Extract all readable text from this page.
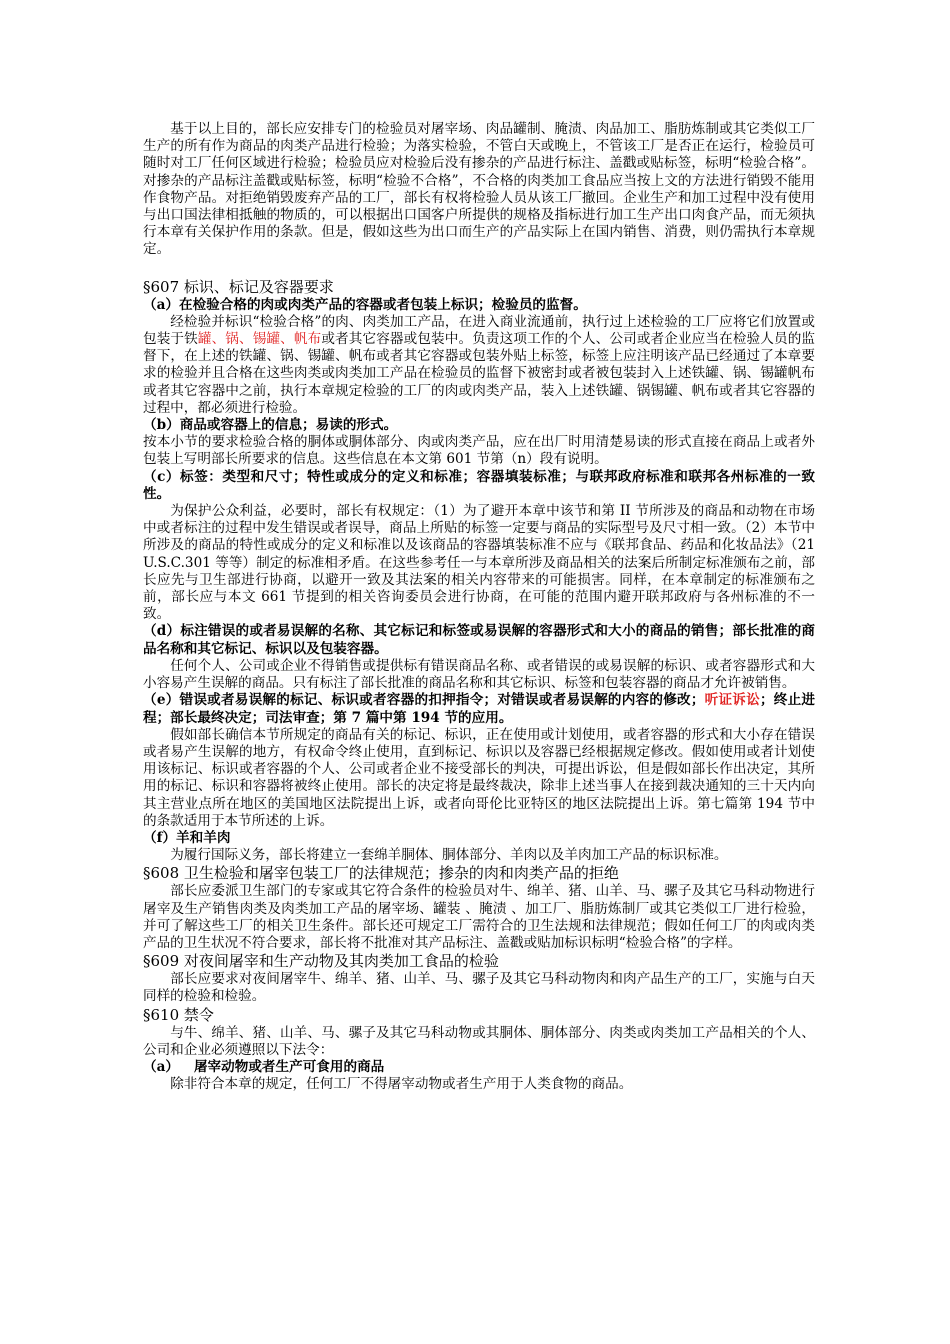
基于以上目的，部长应安排专门的检验员对屠宰场、肉品罐制、腌渍、肉品加工、脂肪炼制或其它类似工厂生产的所有作为商品的肉类产品进行检验；为落实检验，不管白天或晚上，不管该工厂是否正在运行，检验员可随时对工厂任何区域进行检验；检验员应对检验后没有掺杂的产品进行标注、盖戳或贴标签，标明“检验合格”。对掺杂的产品标注盖戳或贴标签，标明“检验不合格”，不合格的肉类加工食品应当按上文的方法进行销毁不能用作食物产品。对拒绝销毁废弃产品的工厂，部长有权将检验人员从该工厂撤回。企业生产和加工过程中没有使用与出口国法律相抵触的物质的，可以根据出口国客户所提供的规格及指标进行加工生产出口肉食产品，而无须执行本章有关保护作用的条款。但是，假如这些为出口而生产的产品实际上在国内销售、消费，则仍需执行本章规定。

§607 标识、标记及容器要求

（a）在检验合格的肉或肉类产品的容器或者包装上标识；检验员的监督。

经检验并标识“检验合格”的肉、肉类加工产品，在进入商业流通前，执行过上述检验的工厂应将它们放置或包装于铁罐、锅、锡罐、帆布或者其它容器或包装中。负责这项工作的个人、公司或者企业应当在检验人员的监督下，在上述的铁罐、锅、锡罐、帆布或者其它容器或包装外贴上标签，标签上应注明该产品已经通过了本章要求的检验并且合格在这些肉类或肉类加工产品在检验员的监督下被密封或者被包装封入上述铁罐、锅、锡罐帆布或者其它容器中之前，执行本章规定检验的工厂的肉或肉类产品，装入上述铁罐、锅锡罐、帆布或者其它容器的过程中，都必须进行检验。

（b）商品或容器上的信息；易读的形式。

按本小节的要求检验合格的胴体或胴体部分、肉或肉类产品，应在出厂时用清楚易读的形式直接在商品上或者外包装上写明部长所要求的信息。这些信息在本文第 601 节第（n）段有说明。

（c）标签：类型和尺寸；特性或成分的定义和标准；容器填装标准；与联邦政府标准和联邦各州标准的一致性。

为保护公众利益，必要时，部长有权规定：（1）为了避开本章中该节和第 II 节所涉及的商品和动物在市场中或者标注的过程中发生错误或者误导，商品上所贴的标签一定要与商品的实际型号及尺寸相一致。（2）本节中所涉及的商品的特性或成分的定义和标准以及该商品的容器填装标准不应与《联邦食品、药品和化妆品法》（21 U.S.C.301 等等）制定的标准相矛盾。在这些参考任一与本章所涉及商品相关的法案后所制定标准颁布之前，部长应先与卫生部进行协商，以避开一致及其法案的相关内容带来的可能损害。同样，在本章制定的标准颁布之前，部长应与本文 661 节提到的相关咨询委员会进行协商，在可能的范围内避开联邦政府与各州标准的不一致。

（d）标注错误的或者易误解的名称、其它标记和标签或易误解的容器形式和大小的商品的销售；部长批准的商品名称和其它标记、标识以及包装容器。

任何个人、公司或企业不得销售或提供标有错误商品名称、或者错误的或易误解的标识、或者容器形式和大小容易产生误解的商品。只有标注了部长批准的商品名称和其它标识、标签和包装容器的商品才允许被销售。

（e）错误或者易误解的标记、标识或者容器的扣押指令；对错误或者易误解的内容的修改；听证诉讼；终止进程；部长最终决定；司法审查；第 7 篇中第 194 节的应用。

假如部长确信本节所规定的商品有关的标记、标识，正在使用或计划使用，或者容器的形式和大小存在错误或者易产生误解的地方，有权命令终止使用，直到标记、标识以及容器已经根据规定修改。假如使用或者计划使用该标记、标识或者容器的个人、公司或者企业不接受部长的判决，可提出诉讼，但是假如部长作出决定，其所用的标记、标识和容器将被终止使用。部长的决定将是最终裁决，除非上述当事人在接到裁决通知的三十天内向其主营业点所在地区的美国地区法院提出上诉，或者向哥伦比亚特区的地区法院提出上诉。第七篇第 194 节中的条款适用于本节所述的上诉。

（f）羊和羊肉

为履行国际义务，部长将建立一套绵羊胴体、胴体部分、羊肉以及羊肉加工产品的标识标准。

§608 卫生检验和屠宰包装工厂的法律规范；掺杂的肉和肉类产品的拒绝

部长应委派卫生部门的专家或其它符合条件的检验员对牛、绵羊、猪、山羊、马、骡子及其它马科动物进行屠宰及生产销售肉类及肉类加工产品的屠宰场、罐装 、腌渍 、加工厂、脂肪炼制厂或其它类似工厂进行检验，并可了解这些工厂的相关卫生条件。部长还可规定工厂需符合的卫生法规和法律规范；假如任何工厂的肉或肉类产品的卫生状况不符合要求，部长将不批准对其产品标注、盖戳或贴加标识标明“检验合格”的字样。

§609 对夜间屠宰和生产动物及其肉类加工食品的检验

部长应要求对夜间屠宰牛、绵羊、猪、山羊、马、骡子及其它马科动物肉和肉产品生产的工厂，实施与白天同样的检验和检验。

§610 禁令

与牛、绵羊、猪、山羊、马、骡子及其它马科动物或其胴体、胴体部分、肉类或肉类加工产品相关的个人、公司和企业必须遵照以下法令：

（a） 屠宰动物或者生产可食用的商品

除非符合本章的规定，任何工厂不得屠宰动物或者生产用于人类食物的商品。
